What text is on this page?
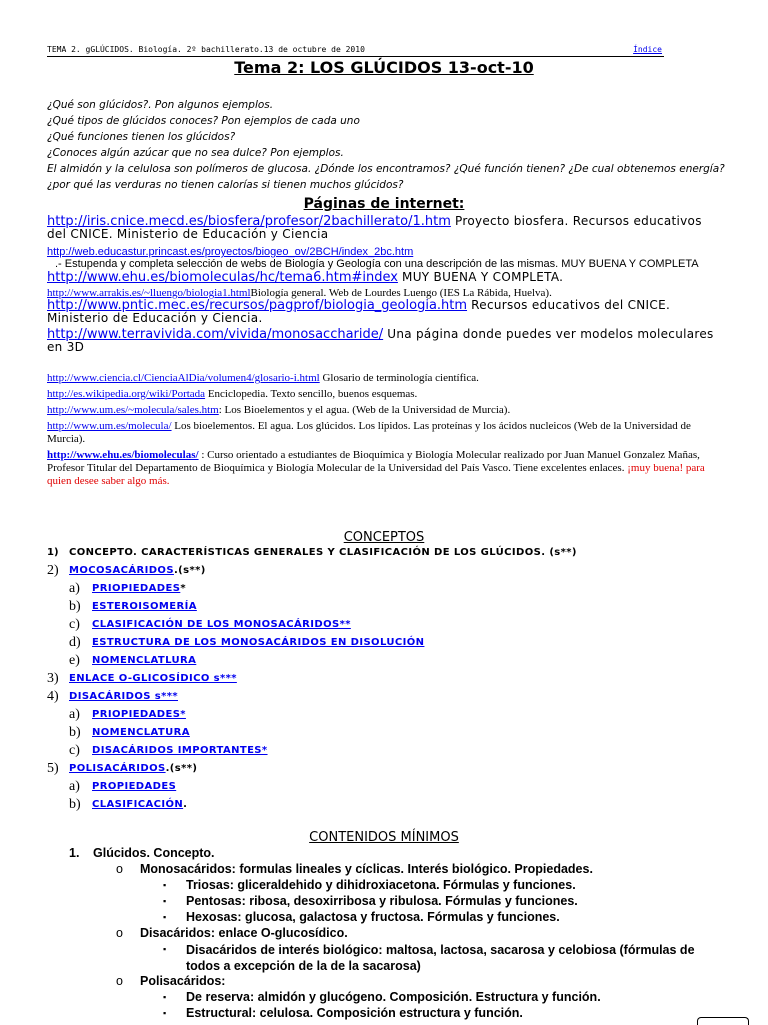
TEMA 2. gGLÚCIDOS. Biología. 2º bachillerato.13 de octubre de 2010	Índice
Tema 2: LOS GLÚCIDOS 13-oct-10
¿Qué son glúcidos?. Pon algunos ejemplos.
¿Qué tipos de glúcidos conoces? Pon ejemplos de cada uno
¿Qué funciones tienen los glúcidos?
¿Conoces algún azúcar que no sea dulce? Pon ejemplos.
El almidón y la celulosa son polímeros de glucosa. ¿Dónde los encontramos? ¿Qué función tienen? ¿De cual obtenemos energía?¿por qué las verduras no tienen calorías si tienen muchos glúcidos?
Páginas de internet:
http://iris.cnice.mecd.es/biosfera/profesor/2bachillerato/1.htm Proyecto biosfera. Recursos educativos del CNICE. Ministerio de Educación y Ciencia
http://web.educastur.princast.es/proyectos/biogeo_ov/2BCH/index_2bc.htm
.- Estupenda y completa selección de webs de Biología y Geología con una descripción de las mismas. MUY BUENA Y COMPLETA
http://www.ehu.es/biomoleculas/hc/tema6.htm#index MUY BUENA Y COMPLETA.
http://www.arrakis.es/~lluengo/biologia1.htmlBiología general. Web de Lourdes Luengo (IES La Rábida, Huelva).
http://www.pntic.mec.es/recursos/pagprof/biologia_geologia.htm Recursos educativos del CNICE. Ministerio de Educación y Ciencia.
http://www.terravivida.com/vivida/monosaccharide/ Una página donde puedes ver modelos moleculares en 3D
http://www.ciencia.cl/CienciaAlDia/volumen4/glosario-i.html Glosario de terminología científica.
http://es.wikipedia.org/wiki/Portada Enciclopedia. Texto sencillo, buenos esquemas.
http://www.um.es/~molecula/sales.htm: Los Bioelementos y el agua. (Web de la Universidad de Murcia).
http://www.um.es/molecula/ Los bioelementos. El agua. Los glúcidos. Los lípidos. Las proteínas y los ácidos nucleicos (Web de la Universidad de Murcia).
http://www.ehu.es/biomoleculas/ : Curso orientado a estudiantes de Bioquímica y Biología Molecular realizado por Juan Manuel Gonzalez Mañas, Profesor Titular del Departamento de Bioquímica y Biología Molecular de la Universidad del País Vasco. Tiene excelentes enlaces. ¡muy buena! para quien desee saber algo más.
CONCEPTOS
1) CONCEPTO. CARACTERÍSTICAS GENERALES Y CLASIFICACIÓN DE LOS GLÚCIDOS. (s**)
2) MOCOSACÁRIDOS.(s**)
a) PRIOPIEDADES*
b) ESTEROISOMERÍA
c) CLASIFICACIÓN DE LOS MONOSACÁRIDOS**
d) ESTRUCTURA DE LOS MONOSACÁRIDOS EN DISOLUCIÓN
e) NOMENCLATLURA
3) ENLACE O-GLICOSÍDICO s***
4) DISACÁRIDOS s***
a) PRIOPIEDADES*
b) NOMENCLATURA
c) DISACÁRIDOS IMPORTANTES*
5) POLISACÁRIDOS.(s**)
a) PROPIEDADES
b) CLASIFICACIÓN.
CONTENIDOS MÍNIMOS
1. Glúcidos. Concepto.
o Monosacáridos: formulas lineales y cíclicas. Interés biológico. Propiedades.
▪ Triosas: gliceraldehido y dihidroxiacetona. Fórmulas y funciones.
▪ Pentosas: ribosa, desoxirribosa y ribulosa. Fórmulas y funciones.
▪ Hexosas: glucosa, galactosa y fructosa. Fórmulas y funciones.
o Disacáridos: enlace O-glucosídico.
▪ Disacáridos de interés biológico: maltosa, lactosa, sacarosa y celobiosa (fórmulas de todos a excepción de la de la sacarosa)
o Polisacáridos:
▪ De reserva: almidón y glucógeno. Composición. Estructura y función.
▪ Estructural: celulosa. Composición estructura y función.
